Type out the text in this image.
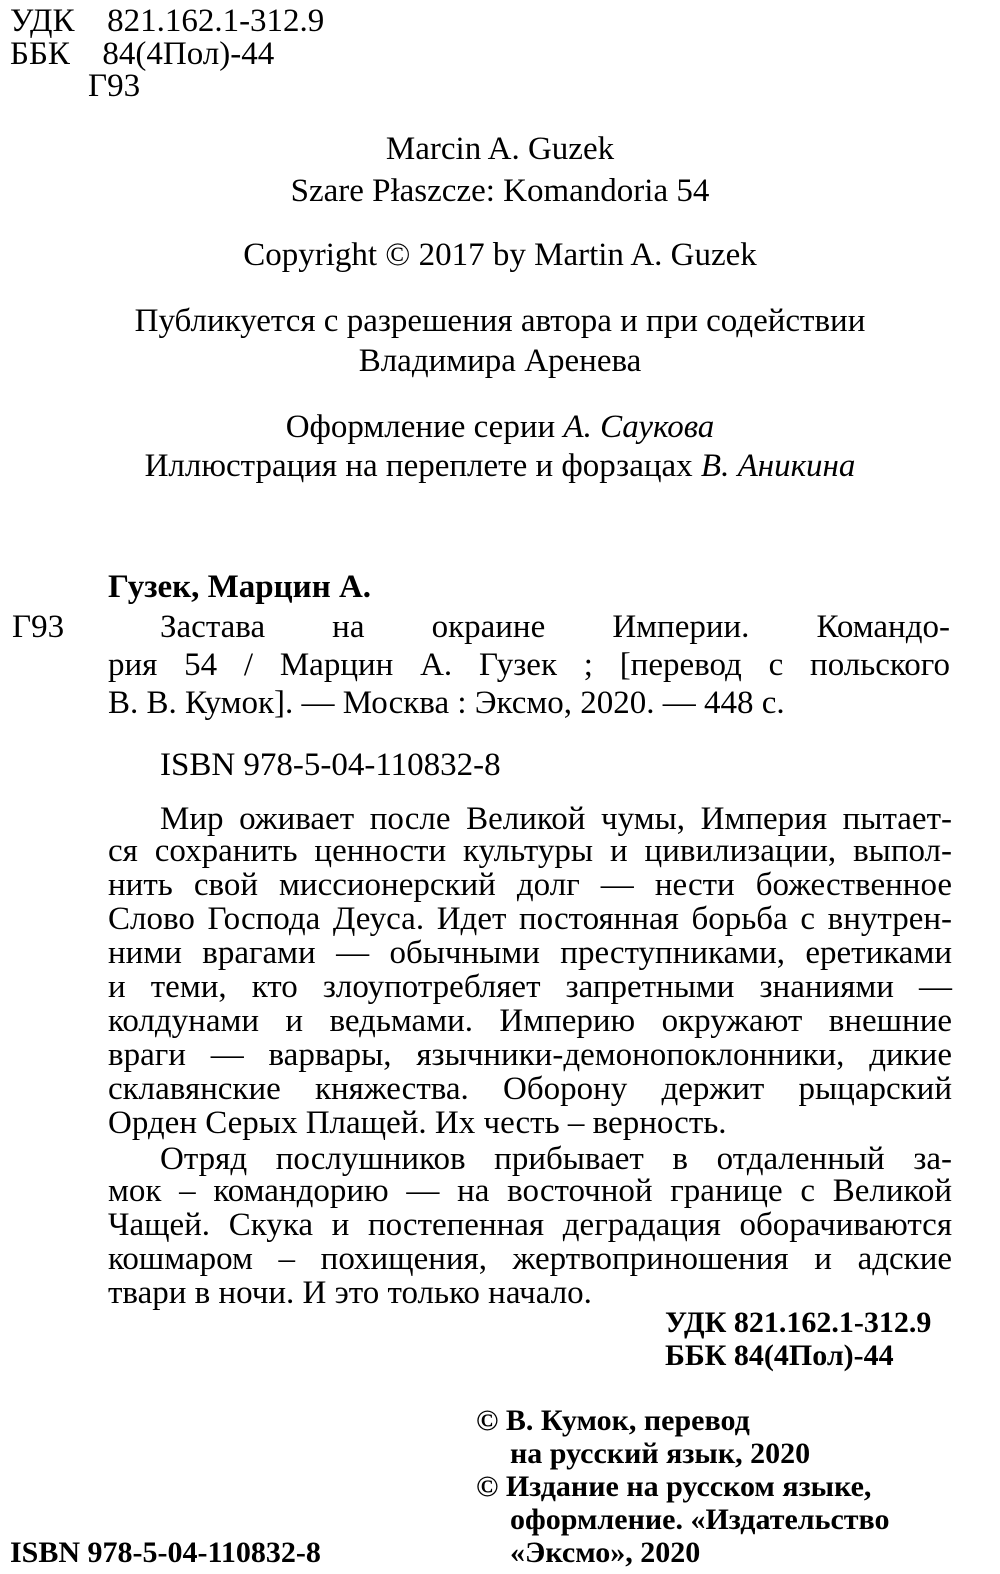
УДК 821.162.1-312.9
ББК 84(4Пол)-44
Г93
Marcin A. Guzek
Szare Płaszcze: Komandoria 54
Copyright © 2017 by Martin A. Guzek
Публикуется с разрешения автора и при содействии
Владимира Аренева
Оформление серии А. Саукова
Иллюстрация на переплете и форзацах В. Аникина
Гузек, Марцин А.
Г93	Застава на окраине Империи. Командо-

рия 54 / Марцин А. Гузек ; [перевод с польского

В. В. Кумок]. — Москва : Эксмо, 2020. — 448 с.

ISBN 978-5-04-110832-8

Мир оживает после Великой чумы, Империя пытает-

ся сохранить ценности культуры и цивилизации, выпол-

нить свой миссионерский долг — нести божественное

Слово Господа Деуса. Идет постоянная борьба с внутрен-

ними врагами — обычными преступниками, еретиками

и теми, кто злоупотребляет запретными знаниями —

колдунами и ведьмами. Империю окружают внешние

враги — варвары, язычники-демонопоклонники, дикие

склавянские княжества. Оборону держит рыцарский

Орден Серых Плащей. Их честь – верность.

Отряд послушников прибывает в отдаленный за-

мок – командорию — на восточной границе с Великой

Чащей. Скука и постепенная деградация оборачиваются

кошмаром – похищения, жертвоприношения и адские

твари в ночи. И это только начало.

УДК 821.162.1-312.9
ББК 84(4Пол)-44
© В. Кумок, перевод
на русский язык, 2020
© Издание на русском языке,
оформление. «Издательство
«Эксмо», 2020
ISBN 978-5-04-110832-8
